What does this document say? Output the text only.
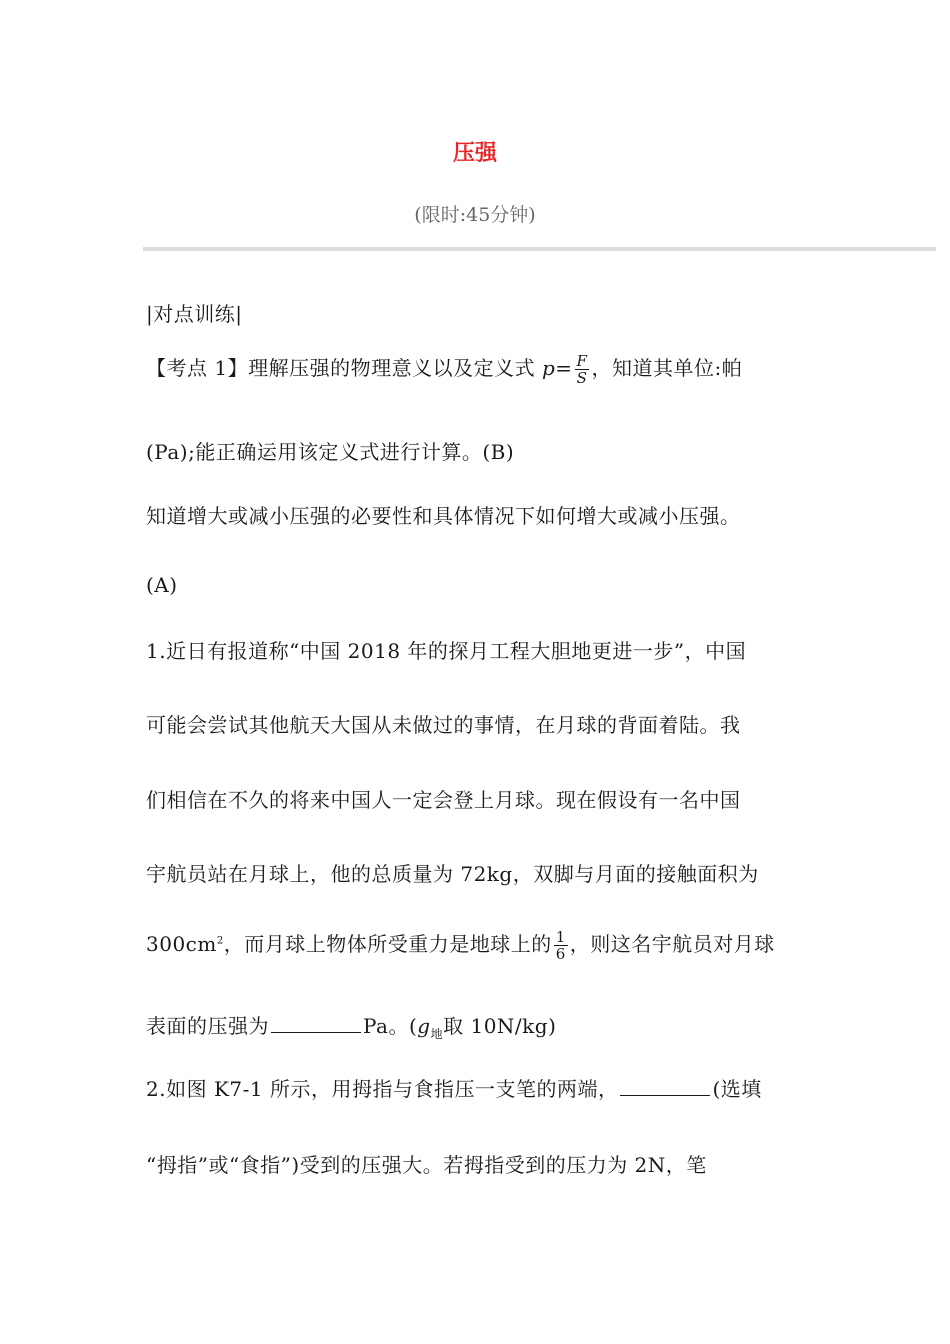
压强
(限时:45分钟)
|对点训练|
【考点 1】理解压强的物理意义以及定义式 $p= \frac{F}{S}$ ，知道其单位:帕
(Pa);能正确运用该定义式进行计算。(B)
知道增大或减小压强的必要性和具体情况下如何增大或减小压强。
(A)
1.近日有报道称“中国 2018 年的探月工程大胆地更进一步”，中国
可能会尝试其他航天大国从未做过的事情，在月球的背面着陆。我
们相信在不久的将来中国人一定会登上月球。现在假设有一名中国
宇航员站在月球上，他的总质量为 72kg，双脚与月面的接触面积为
$300cm^2$，而月球上物体所受重力是地球上的 $\frac{1}{6}$ ，则这名宇航员对月球
表面的压强为	Pa。($g_地$取 10N/kg)
2.如图 K7-1 所示，用拇指与食指压一支笔的两端，	(选填
“拇指”或“食指”)受到的压强大。若拇指受到的压力为 2N，笔
